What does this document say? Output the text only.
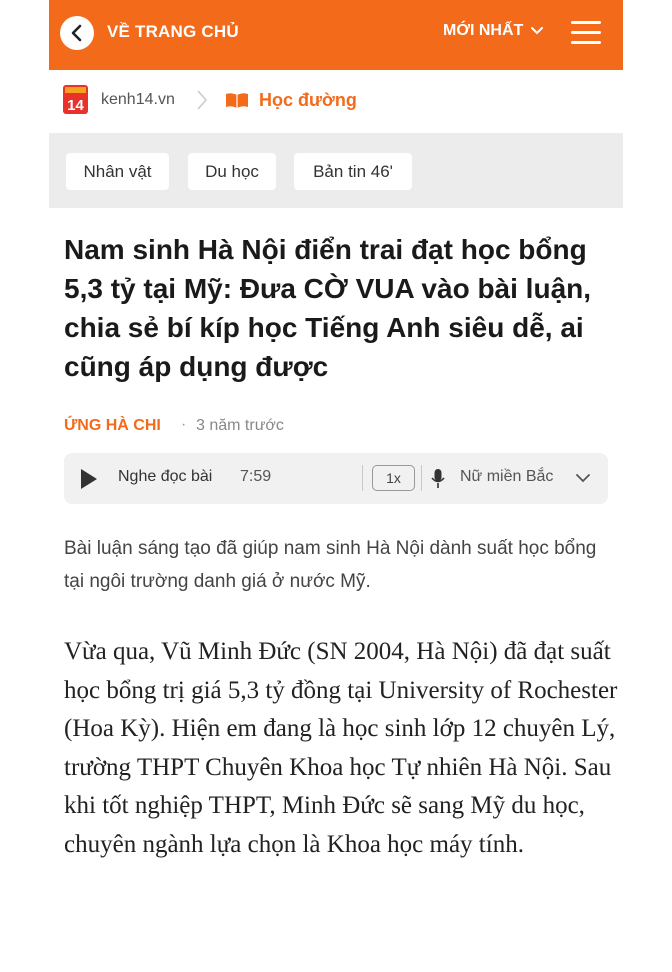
VỀ TRANG CHỦ	MỚI NHẤT
14 kenh14.vn	Học đường
Nhân vật	Du học	Bản tin 46'
Nam sinh Hà Nội điển trai đạt học bổng 5,3 tỷ tại Mỹ: Đưa CỜ VUA vào bài luận, chia sẻ bí kíp học Tiếng Anh siêu dễ, ai cũng áp dụng được
ỨNG HÀ CHI · 3 năm trước
Nghe đọc bài 7:59	1x	Nữ miền Bắc

Bài luận sáng tạo đã giúp nam sinh Hà Nội dành suất học bổng tại ngôi trường danh giá ở nước Mỹ.

Vừa qua, Vũ Minh Đức (SN 2004, Hà Nội) đã đạt suất học bổng trị giá 5,3 tỷ đồng tại University of Rochester (Hoa Kỳ). Hiện em đang là học sinh lớp 12 chuyên Lý, trường THPT Chuyên Khoa học Tự nhiên Hà Nội. Sau khi tốt nghiệp THPT, Minh Đức sẽ sang Mỹ du học, chuyên ngành lựa chọn là Khoa học máy tính.
